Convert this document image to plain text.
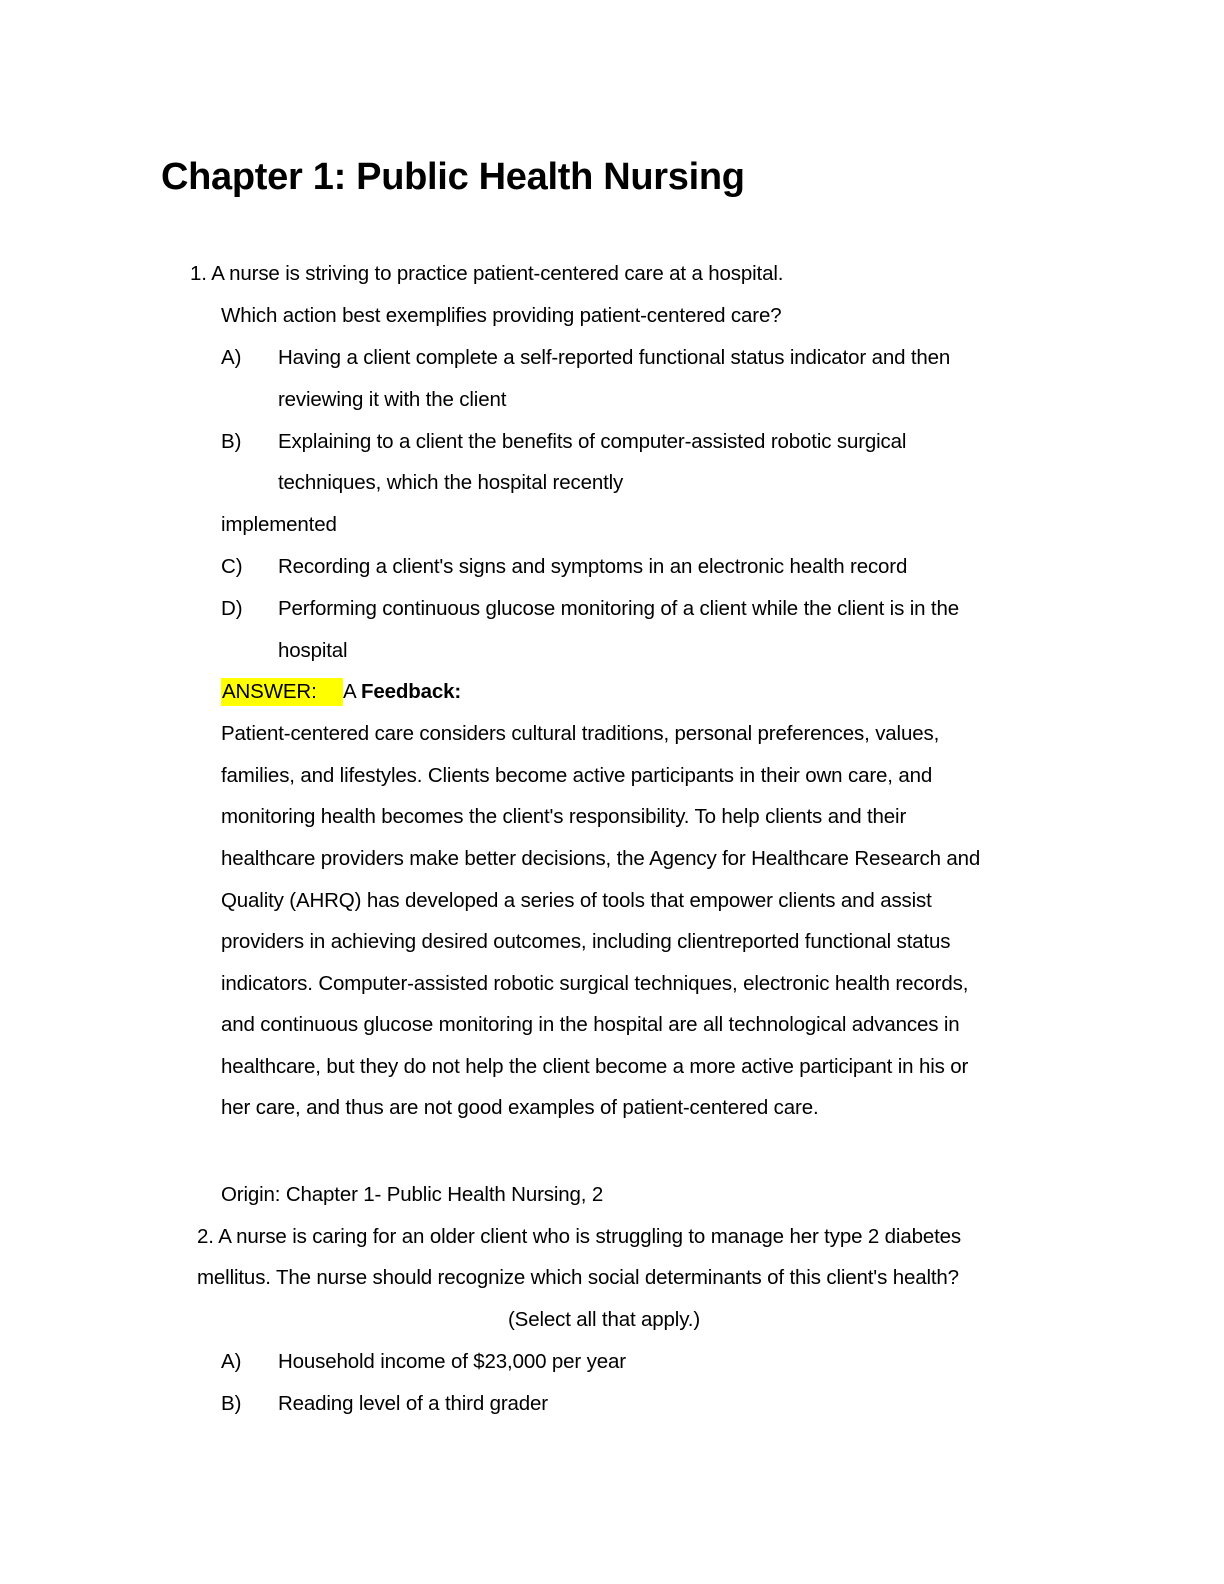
Chapter 1: Public Health Nursing
1. A nurse is striving to practice patient-centered care at a hospital.
Which action best exemplifies providing patient-centered care?
A) Having a client complete a self-reported functional status indicator and then
reviewing it with the client
B) Explaining to a client the benefits of computer-assisted robotic surgical
techniques, which the hospital recently
implemented
C) Recording a client's signs and symptoms in an electronic health record
D) Performing continuous glucose monitoring of a client while the client is in the
hospital
ANSWER: A Feedback:
Patient-centered care considers cultural traditions, personal preferences, values,
families, and lifestyles. Clients become active participants in their own care, and
monitoring health becomes the client's responsibility. To help clients and their
healthcare providers make better decisions, the Agency for Healthcare Research and
Quality (AHRQ) has developed a series of tools that empower clients and assist
providers in achieving desired outcomes, including clientreported functional status
indicators. Computer-assisted robotic surgical techniques, electronic health records,
and continuous glucose monitoring in the hospital are all technological advances in
healthcare, but they do not help the client become a more active participant in his or
her care, and thus are not good examples of patient-centered care.
Origin: Chapter 1- Public Health Nursing, 2
2. A nurse is caring for an older client who is struggling to manage her type 2 diabetes
mellitus. The nurse should recognize which social determinants of this client's health?
(Select all that apply.)
A) Household income of $23,000 per year
B) Reading level of a third grader
